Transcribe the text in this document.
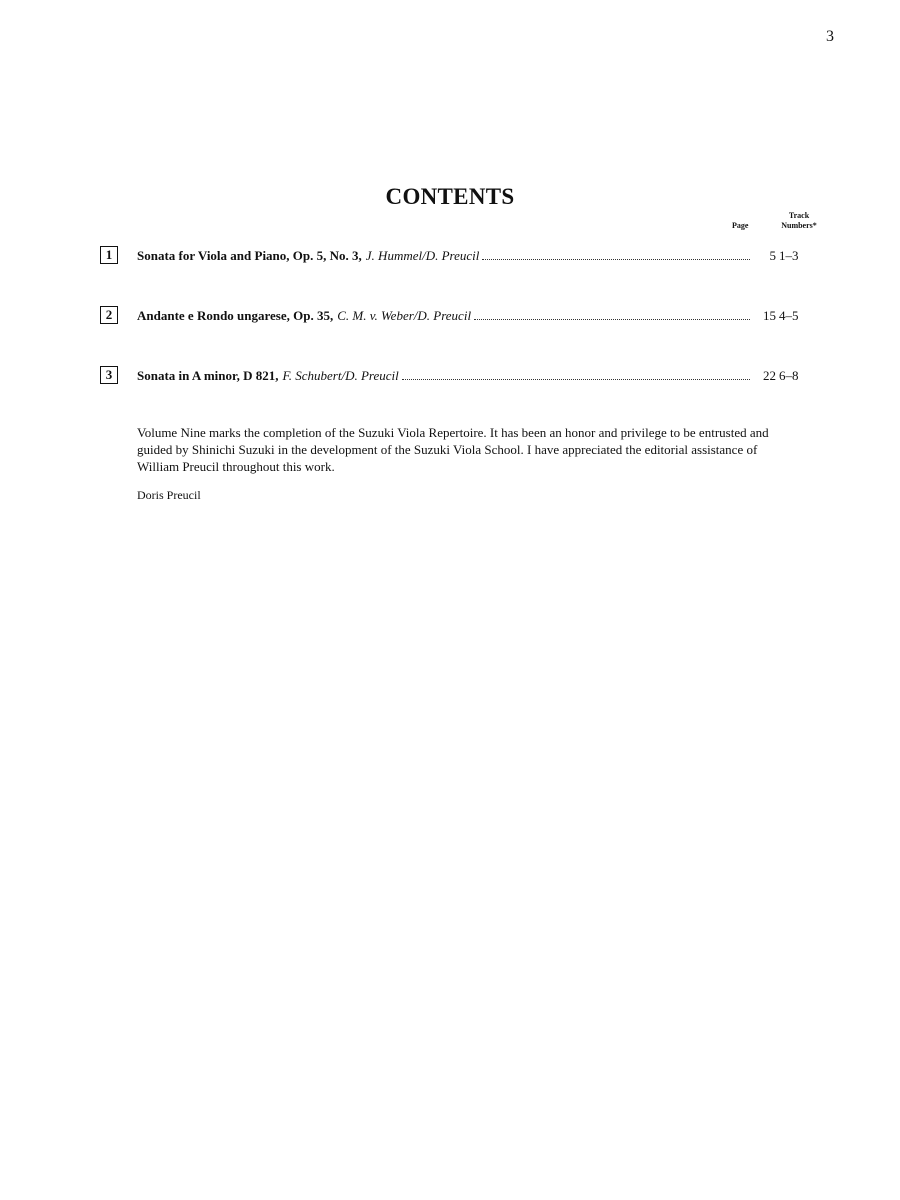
3
CONTENTS
Page
Track
Numbers*
1	Sonata for Viola and Piano, Op. 5, No. 3, J. Hummel/D. Preucil	5 1–3
2	Andante e Rondo ungarese, Op. 35, C. M. v. Weber/D. Preucil	15 4–5
3	Sonata in A minor, D 821, F. Schubert/D. Preucil	22 6–8
Volume Nine marks the completion of the Suzuki Viola Repertoire. It has been an honor and privilege to be entrusted and guided by Shinichi Suzuki in the development of the Suzuki Viola School. I have appreciated the editorial assistance of William Preucil throughout this work.
Doris Preucil
